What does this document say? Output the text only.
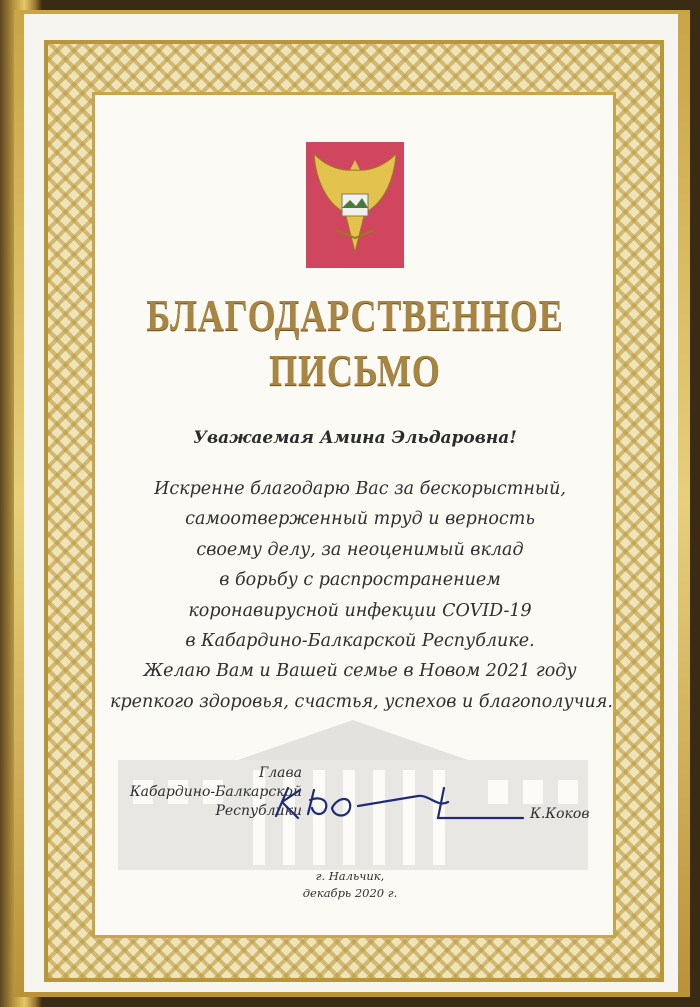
БЛАГОДАРСТВЕННОЕ
ПИСЬМО
Уважаемая Амина Эльдаровна!
Искренне благодарю Вас за бескорыстный,
самоотверженный труд и верность
своему делу, за неоценимый вклад
в борьбу с распространением
коронавирусной инфекции COVID-19
в Кабардино-Балкарской Республике.
Желаю Вам и Вашей семье в Новом 2021 году
крепкого здоровья, счастья, успехов и благополучия.
Глава
Кабардино-Балкарской
Республики	К.Коков
г. Нальчик,
декабрь 2020 г.
